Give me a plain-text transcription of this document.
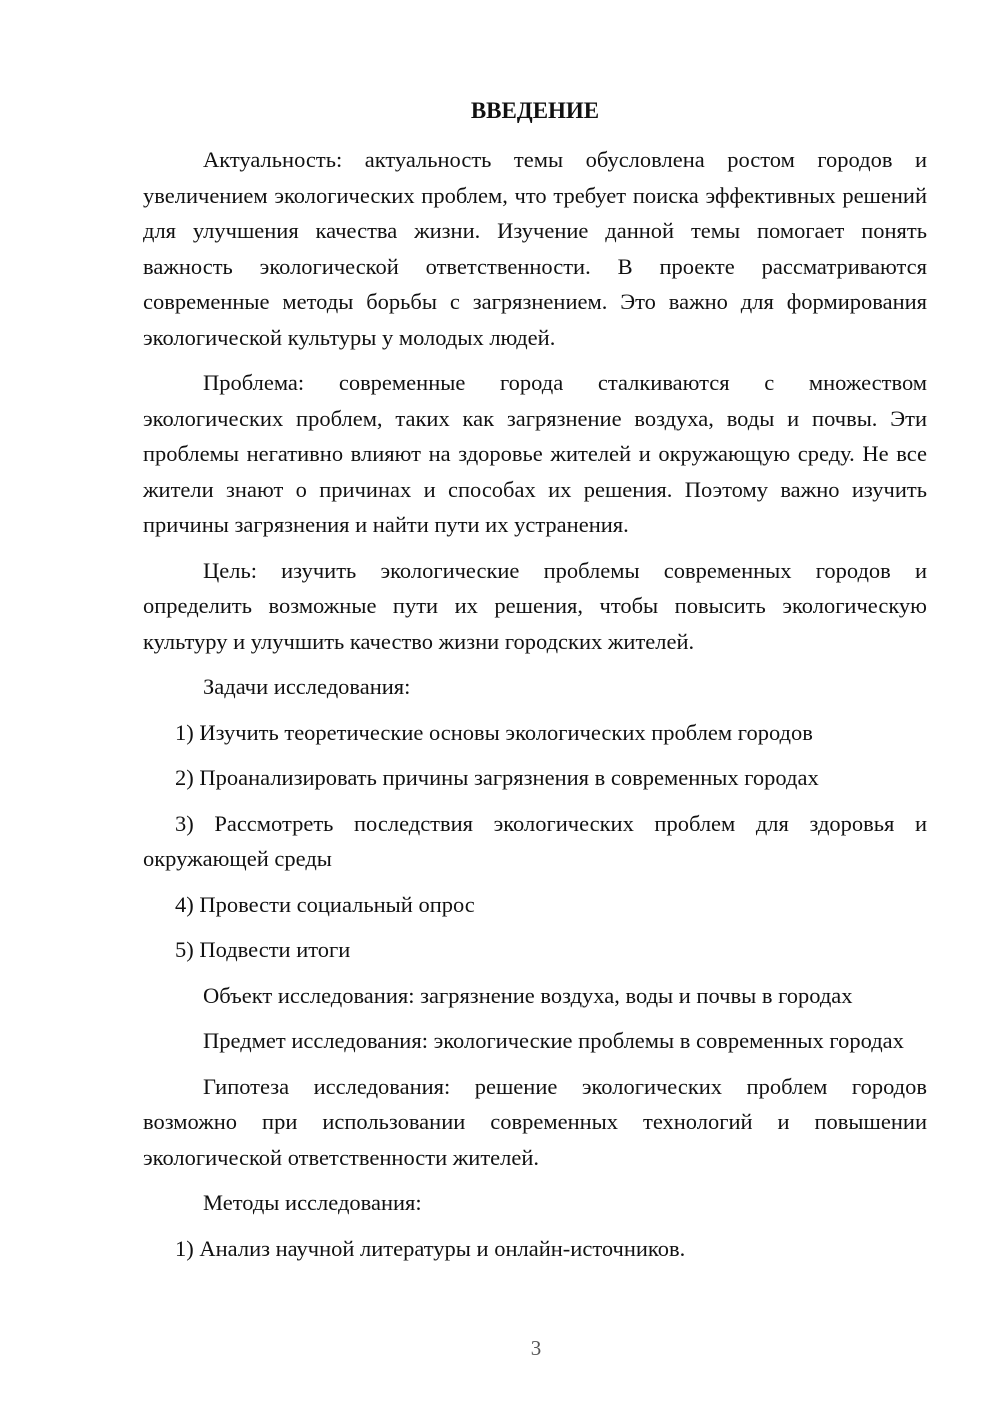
ВВЕДЕНИЕ

Актуальность: актуальность темы обусловлена ростом городов и увеличением экологических проблем, что требует поиска эффективных решений для улучшения качества жизни. Изучение данной темы помогает понять важность экологической ответственности. В проекте рассматриваются современные методы борьбы с загрязнением. Это важно для формирования экологической культуры у молодых людей.

Проблема: современные города сталкиваются с множеством экологических проблем, таких как загрязнение воздуха, воды и почвы. Эти проблемы негативно влияют на здоровье жителей и окружающую среду. Не все жители знают о причинах и способах их решения. Поэтому важно изучить причины загрязнения и найти пути их устранения.

Цель: изучить экологические проблемы современных городов и определить возможные пути их решения, чтобы повысить экологическую культуру и улучшить качество жизни городских жителей.

Задачи исследования:

1) Изучить теоретические основы экологических проблем городов

2) Проанализировать причины загрязнения в современных городах

3) Рассмотреть последствия экологических проблем для здоровья и окружающей среды

4) Провести социальный опрос

5) Подвести итоги

Объект исследования: загрязнение воздуха, воды и почвы в городах

Предмет исследования: экологические проблемы в современных городах

Гипотеза исследования: решение экологических проблем городов возможно при использовании современных технологий и повышении экологической ответственности жителей.

Методы исследования:

1) Анализ научной литературы и онлайн-источников.

3
